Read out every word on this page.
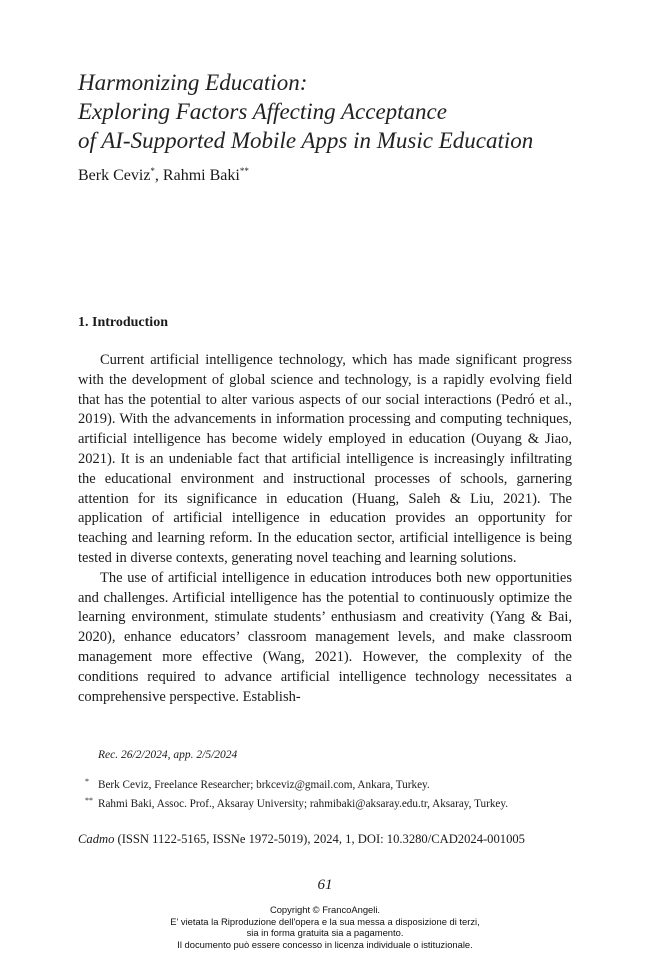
Harmonizing Education:
Exploring Factors Affecting Acceptance
of AI-Supported Mobile Apps in Music Education
Berk Ceviz*, Rahmi Baki**
1. Introduction

Current artificial intelligence technology, which has made significant progress with the development of global science and technology, is a rapidly evolving field that has the potential to alter various aspects of our social interactions (Pedró et al., 2019). With the advancements in information processing and computing techniques, artificial intelligence has become widely employed in education (Ouyang & Jiao, 2021). It is an undeniable fact that artificial intelligence is increasingly infiltrating the educational environment and instructional processes of schools, garnering attention for its significance in education (Huang, Saleh & Liu, 2021). The application of artificial intelligence in education provides an opportunity for teaching and learning reform. In the education sector, artificial intelligence is being tested in diverse contexts, generating novel teaching and learning solutions.

The use of artificial intelligence in education introduces both new opportunities and challenges. Artificial intelligence has the potential to continuously optimize the learning environment, stimulate students’ enthusiasm and creativity (Yang & Bai, 2020), enhance educators’ classroom management levels, and make classroom management more effective (Wang, 2021). However, the complexity of the conditions required to advance artificial intelligence technology necessitates a comprehensive perspective. Establish-

Rec. 26/2/2024, app. 2/5/2024
* Berk Ceviz, Freelance Researcher; brkceviz@gmail.com, Ankara, Turkey.
** Rahmi Baki, Assoc. Prof., Aksaray University; rahmibaki@aksaray.edu.tr, Aksaray, Turkey.
Cadmo (ISSN 1122-5165, ISSNe 1972-5019), 2024, 1, DOI: 10.3280/CAD2024-001005
61
Copyright © FrancoAngeli.
E' vietata la Riproduzione dell'opera e la sua messa a disposizione di terzi,
sia in forma gratuita sia a pagamento.
Il documento può essere concesso in licenza individuale o istituzionale.
